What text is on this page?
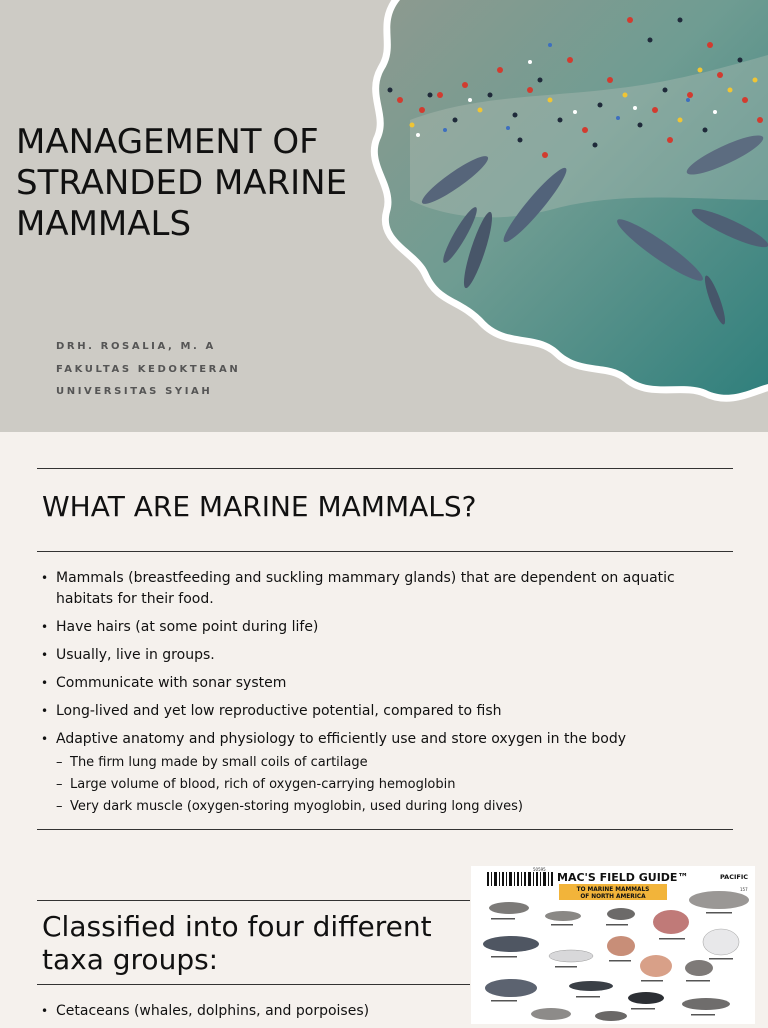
MANAGEMENT OF
STRANDED MARINE
MAMMALS
DRH. ROSALIA, M. A
FAKULTAS KEDOKTERAN
UNIVERSITAS SYIAH
WHAT ARE MARINE MAMMALS?
• Mammals (breastfeeding and suckling mammary glands) that are dependent on aquatic habitats for their food.
• Have hairs (at some point during life)
• Usually, live in groups.
• Communicate with sonar system
• Long-lived and yet low reproductive potential, compared to fish
• Adaptive anatomy and physiology to efficiently use and store oxygen in the body
– The firm lung made by small coils of cartilage
– Large volume of blood, rich of oxygen-carrying hemoglobin
– Very dark muscle (oxygen-storing myoglobin, used during long dives)
Classified into four different
taxa groups:
• Cetaceans (whales, dolphins, and porpoises)
50595
MAC'S FIELD GUIDE™	PACIFIC
157
TO MARINE MAMMALS
OF NORTH AMERICA
